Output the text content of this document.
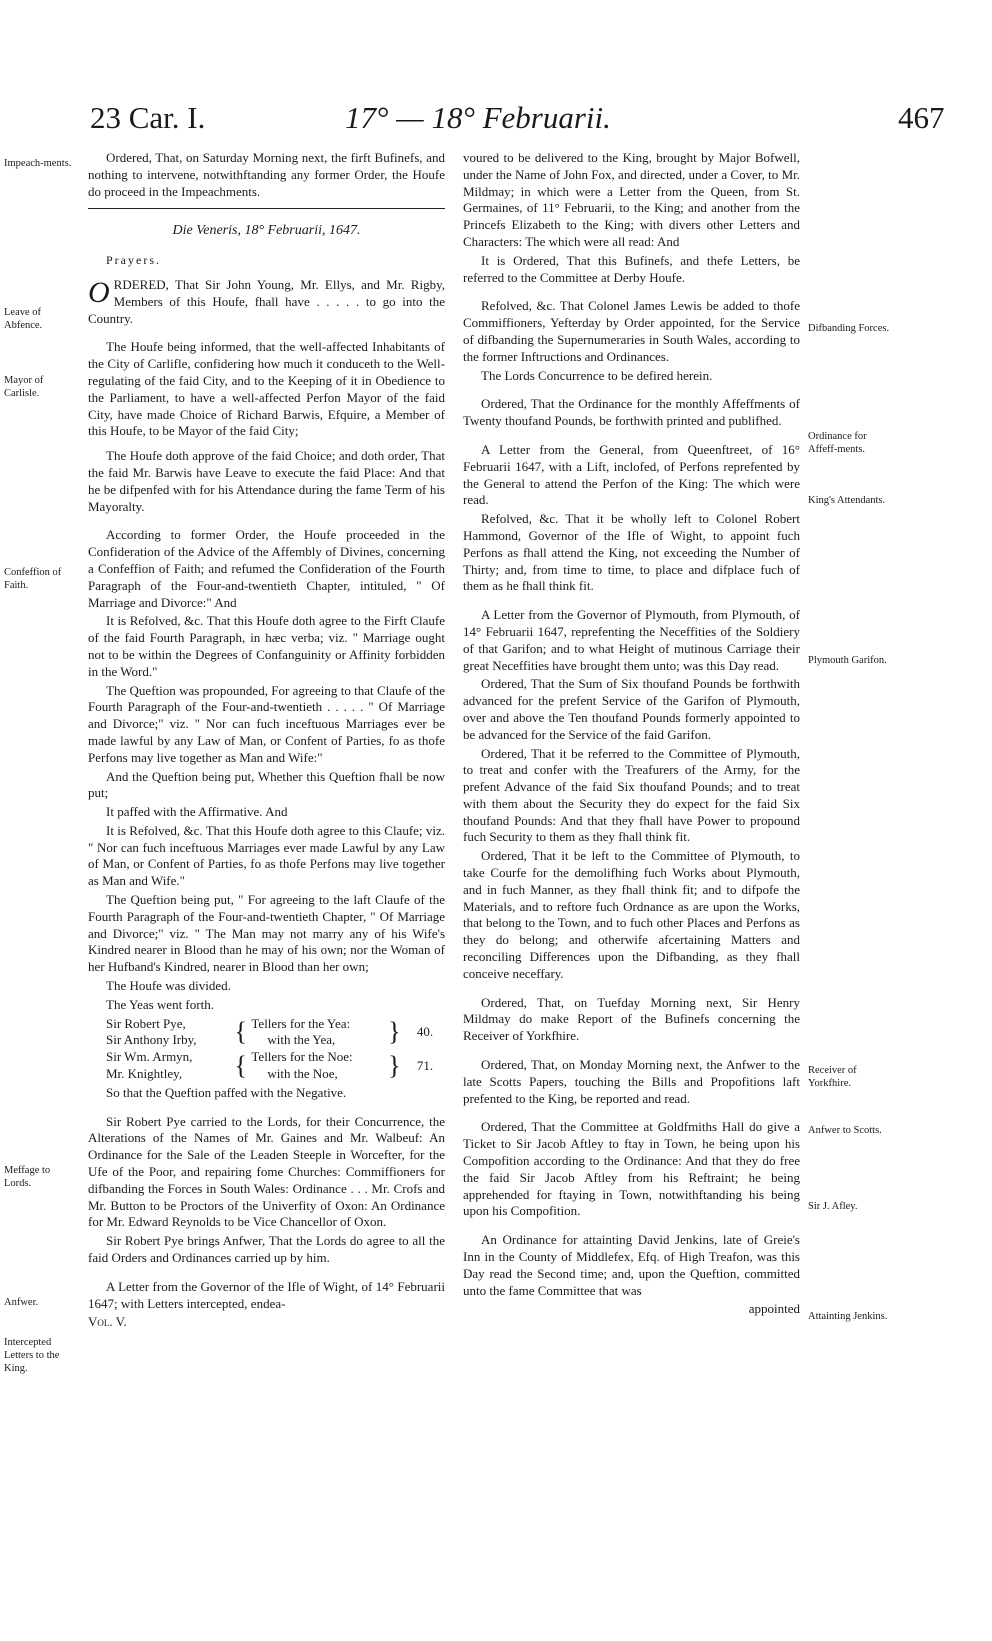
23 Car. I.	17° — 18° Februarii.	467
Impeach-ments.
Leave of Abfence.
Mayor of Carlisle.
Confeffion of Faith.
Meffage to Lords.
Anfwer.
Intercepted Letters to the King.
Difbanding Forces.
Ordinance for Affeff-ments.
King's Attendants.
Plymouth Garifon.
Receiver of Yorkfhire.
Anfwer to Scotts.
Sir J. Afley.
Attainting Jenkins.

Ordered, That, on Saturday Morning next, the firft Bufinefs, and nothing to intervene, notwithftanding any former Order, the Houfe do proceed in the Impeachments.

Die Veneris, 18° Februarii, 1647.

Prayers.

ORDERED, That Sir John Young, Mr. Ellys, and Mr. Rigby, Members of this Houfe, fhall have . . . . . to go into the Country.

The Houfe being informed, that the well-affected Inhabitants of the City of Carlifle, confidering how much it conduceth to the Well-regulating of the faid City, and to the Keeping of it in Obedience to the Parliament, to have a well-affected Perfon Mayor of the faid City, have made Choice of Richard Barwis, Efquire, a Member of this Houfe, to be Mayor of the faid City;

The Houfe doth approve of the faid Choice; and doth order, That the faid Mr. Barwis have Leave to execute the faid Place: And that he be difpenfed with for his Attendance during the fame Term of his Mayoralty.

According to former Order, the Houfe proceeded in the Confideration of the Advice of the Affembly of Divines, concerning a Confeffion of Faith; and refumed the Confideration of the Fourth Paragraph of the Four-and-twentieth Chapter, intituled, " Of Marriage and Divorce:" And

It is Refolved, &c. That this Houfe doth agree to the Firft Claufe of the faid Fourth Paragraph, in hæc verba; viz. " Marriage ought not to be within the Degrees of Confanguinity or Affinity forbidden in the Word."

The Queftion was propounded, For agreeing to that Claufe of the Fourth Paragraph of the Four-and-twentieth . . . . . " Of Marriage and Divorce;" viz. " Nor can fuch inceftuous Marriages ever be made lawful by any Law of Man, or Confent of Parties, fo as thofe Perfons may live together as Man and Wife:"

And the Queftion being put, Whether this Queftion fhall be now put;

It paffed with the Affirmative. And

It is Refolved, &c. That this Houfe doth agree to this Claufe; viz. " Nor can fuch inceftuous Marriages ever made Lawful by any Law of Man, or Confent of Parties, fo as thofe Perfons may live together as Man and Wife."

The Queftion being put, " For agreeing to the laft Claufe of the Fourth Paragraph of the Four-and-twentieth Chapter, " Of Marriage and Divorce;" viz. " The Man may not marry any of his Wife's Kindred nearer in Blood than he may of his own; nor the Woman of her Hufband's Kindred, nearer in Blood than her own;

The Houfe was divided.

The Yeas went forth.

Sir Robert Pye,	{	Tellers for the Yea:	}	40.
Sir Anthony Irby,		with the Yea,		
Sir Wm. Armyn,	{	Tellers for the Noe:	}	71.
Mr. Knightley,		with the Noe,		

So that the Queftion paffed with the Negative.

Sir Robert Pye carried to the Lords, for their Concurrence, the Alterations of the Names of Mr. Gaines and Mr. Walbeuf: An Ordinance for the Sale of the Leaden Steeple in Worcefter, for the Ufe of the Poor, and repairing fome Churches: Commiffioners for difbanding the Forces in South Wales: Ordinance . . . Mr. Crofs and Mr. Button to be Proctors of the Univerfity of Oxon: An Ordinance for Mr. Edward Reynolds to be Vice Chancellor of Oxon.

Sir Robert Pye brings Anfwer, That the Lords do agree to all the faid Orders and Ordinances carried up by him.

A Letter from the Governor of the Ifle of Wight, of 14° Februarii 1647; with Letters intercepted, endea-

Vol. V.

voured to be delivered to the King, brought by Major Bofwell, under the Name of John Fox, and directed, under a Cover, to Mr. Mildmay; in which were a Letter from the Queen, from St. Germaines, of 11° Februarii, to the King; and another from the Princefs Elizabeth to the King; with divers other Letters and Characters: The which were all read: And

It is Ordered, That this Bufinefs, and thefe Letters, be referred to the Committee at Derby Houfe.

Refolved, &c. That Colonel James Lewis be added to thofe Commiffioners, Yefterday by Order appointed, for the Service of difbanding the Supernumeraries in South Wales, according to the former Inftructions and Ordinances.

The Lords Concurrence to be defired herein.

Ordered, That the Ordinance for the monthly Affeffments of Twenty thoufand Pounds, be forthwith printed and publifhed.

A Letter from the General, from Queenftreet, of 16° Februarii 1647, with a Lift, inclofed, of Perfons reprefented by the General to attend the Perfon of the King: The which were read.

Refolved, &c. That it be wholly left to Colonel Robert Hammond, Governor of the Ifle of Wight, to appoint fuch Perfons as fhall attend the King, not exceeding the Number of Thirty; and, from time to time, to place and difplace fuch of them as he fhall think fit.

A Letter from the Governor of Plymouth, from Plymouth, of 14° Februarii 1647, reprefenting the Neceffities of the Soldiery of that Garifon; and to what Height of mutinous Carriage their great Neceffities have brought them unto; was this Day read.

Ordered, That the Sum of Six thoufand Pounds be forthwith advanced for the prefent Service of the Garifon of Plymouth, over and above the Ten thoufand Pounds formerly appointed to be advanced for the Service of the faid Garifon.

Ordered, That it be referred to the Committee of Plymouth, to treat and confer with the Treafurers of the Army, for the prefent Advance of the faid Six thoufand Pounds; and to treat with them about the Security they do expect for the faid Six thoufand Pounds: And that they fhall have Power to propound fuch Security to them as they fhall think fit.

Ordered, That it be left to the Committee of Plymouth, to take Courfe for the demolifhing fuch Works about Plymouth, and in fuch Manner, as they fhall think fit; and to difpofe the Materials, and to reftore fuch Ordnance as are upon the Works, that belong to the Town, and to fuch other Places and Perfons as they do belong; and otherwife afcertaining Matters and reconciling Differences upon the Difbanding, as they fhall conceive neceffary.

Ordered, That, on Tuefday Morning next, Sir Henry Mildmay do make Report of the Bufinefs concerning the Receiver of Yorkfhire.

Ordered, That, on Monday Morning next, the Anfwer to the late Scotts Papers, touching the Bills and Propofitions laft prefented to the King, be reported and read.

Ordered, That the Committee at Goldfmiths Hall do give a Ticket to Sir Jacob Aftley to ftay in Town, he being upon his Compofition according to the Ordinance: And that they do free the faid Sir Jacob Aftley from his Reftraint; he being apprehended for ftaying in Town, notwithftanding his being upon his Compofition.

An Ordinance for attainting David Jenkins, late of Greie's Inn in the County of Middlefex, Efq. of High Treafon, was this Day read the Second time; and, upon the Queftion, committed unto the fame Committee that was

appointed
